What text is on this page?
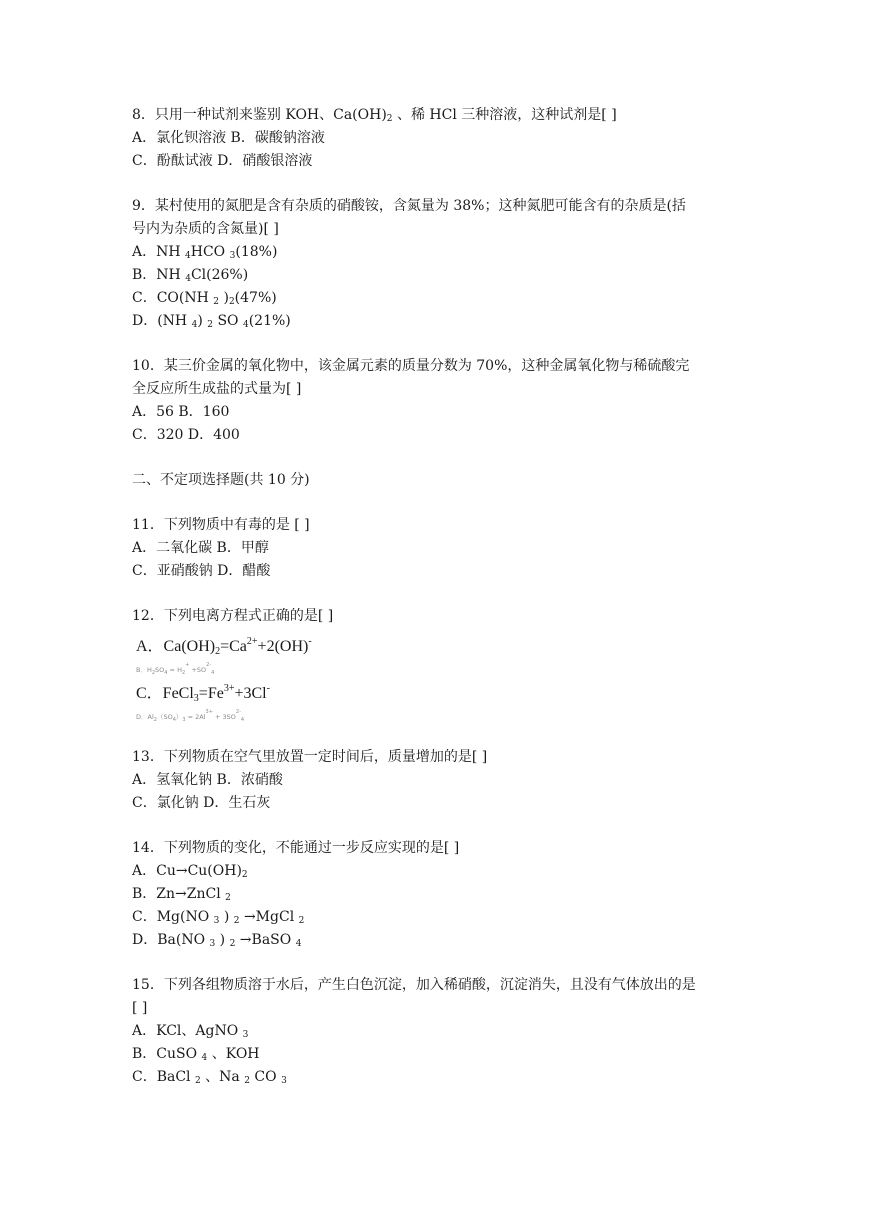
8．只用一种试剂来鉴别 KOH、$Ca(OH)_2$ 、稀 HCl 三种溶液，这种试剂是[ ]
A．氯化钡溶液 B．碳酸钠溶液
C．酚酞试液 D．硝酸银溶液
9．某村使用的氮肥是含有杂质的硝酸铵，含氮量为 38%；这种氮肥可能含有的杂质是(括
号内为杂质的含氮量)[ ]
A．NH $_4$HCO $_3$(18%)
B．NH $_4$Cl(26%)
C．CO(NH $_2$ )$_2(47\%)$
D．(NH $_4$) $_2$ SO $_4$(21%)
10．某三价金属的氧化物中，该金属元素的质量分数为 70%，这种金属氧化物与稀硫酸完
全反应所生成盐的式量为[ ]
A．56 B．160
C．320 D．400
二、不定项选择题(共 10 分)
11．下列物质中有毒的是 [ ]
A．二氧化碳 B．甲醇
C．亚硝酸钠 D．醋酸
12．下列电离方程式正确的是[ ]
A．$Ca(OH)_2=Ca^{2+}+2(OH)^-$
B．$H_2SO_4 = H_2^+ +SO^{2-}_4$
C．$FeCl_3=Fe^{3+}+3Cl^-$
D．$Al_2(SO_4)_3 = 2Al^{3+} + 3SO^{2-}_4$
13．下列物质在空气里放置一定时间后，质量增加的是[ ]
A．氢氧化钠 B．浓硝酸
C．氯化钠 D．生石灰
14．下列物质的变化，不能通过一步反应实现的是[ ]
A．$Cu\to Cu(OH)_2$
B．Zn→ZnCl $_2$
C．Mg(NO $_3$ ) $_2$ →MgCl $_2$
D．Ba(NO $_3$ ) $_2$ →BaSO $_4$
15．下列各组物质溶于水后，产生白色沉淀，加入稀硝酸，沉淀消失，且没有气体放出的是
[ ]
A．KCl、AgNO $_3$
B．CuSO $_4$ 、KOH
C．BaCl $_2$ 、Na $_2$ CO $_3$
